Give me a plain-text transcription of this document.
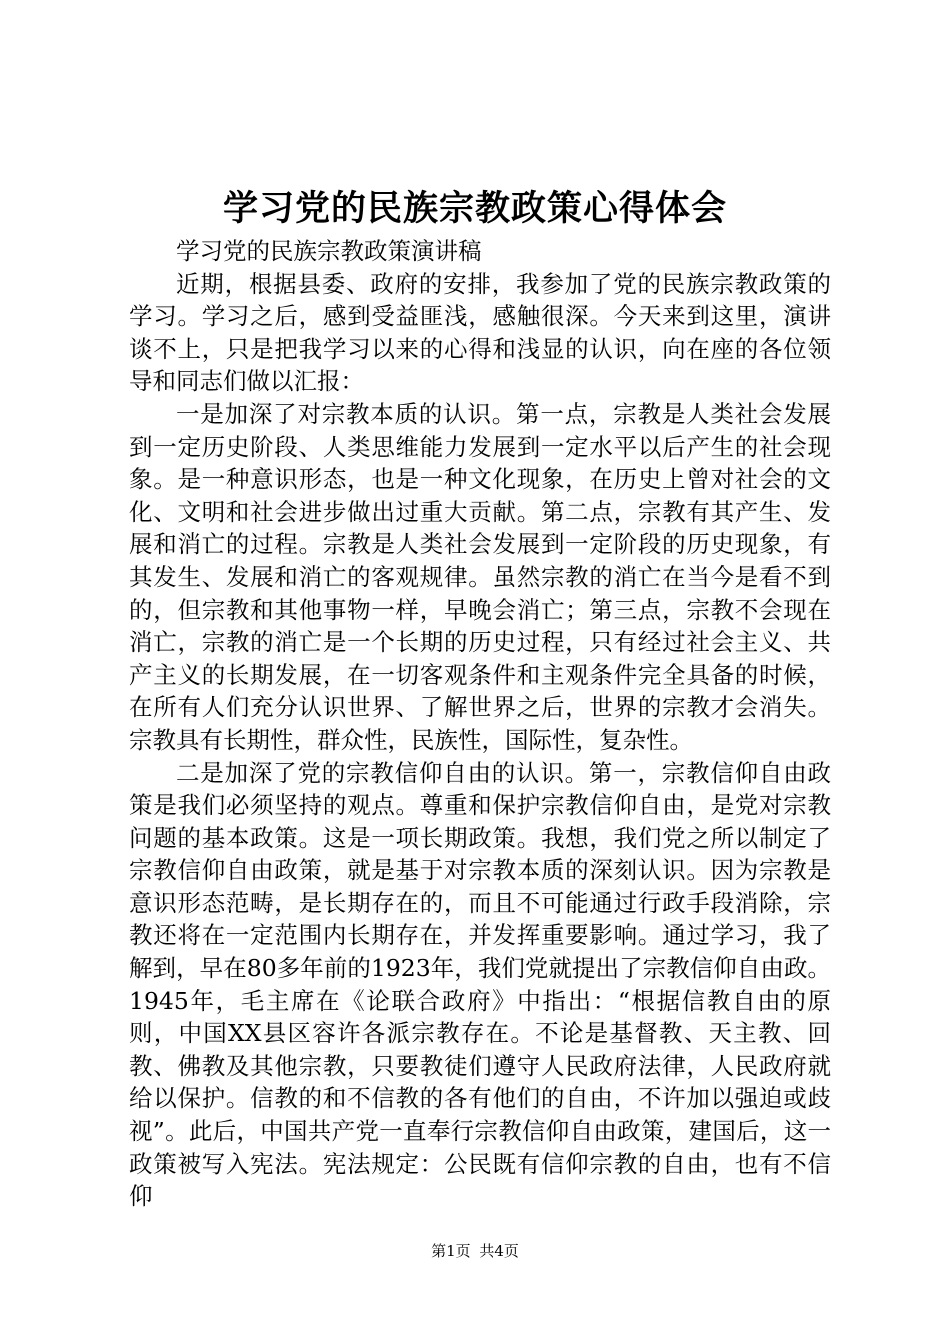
学习党的民族宗教政策心得体会

学习党的民族宗教政策演讲稿

近期，根据县委、政府的安排，我参加了党的民族宗教政策的学习。学习之后，感到受益匪浅，感触很深。今天来到这里，演讲谈不上，只是把我学习以来的心得和浅显的认识，向在座的各位领导和同志们做以汇报：

一是加深了对宗教本质的认识。第一点，宗教是人类社会发展到一定历史阶段、人类思维能力发展到一定水平以后产生的社会现象。是一种意识形态，也是一种文化现象，在历史上曾对社会的文化、文明和社会进步做出过重大贡献。第二点，宗教有其产生、发展和消亡的过程。宗教是人类社会发展到一定阶段的历史现象，有其发生、发展和消亡的客观规律。虽然宗教的消亡在当今是看不到的，但宗教和其他事物一样，早晚会消亡；第三点，宗教不会现在消亡，宗教的消亡是一个长期的历史过程，只有经过社会主义、共产主义的长期发展，在一切客观条件和主观条件完全具备的时候，在所有人们充分认识世界、了解世界之后，世界的宗教才会消失。宗教具有长期性，群众性，民族性，国际性，复杂性。

二是加深了党的宗教信仰自由的认识。第一，宗教信仰自由政策是我们必须坚持的观点。尊重和保护宗教信仰自由，是党对宗教问题的基本政策。这是一项长期政策。我想，我们党之所以制定了宗教信仰自由政策，就是基于对宗教本质的深刻认识。因为宗教是意识形态范畴，是长期存在的，而且不可能通过行政手段消除，宗教还将在一定范围内长期存在，并发挥重要影响。通过学习，我了解到，早在80多年前的1923年，我们党就提出了宗教信仰自由政。1945年，毛主席在《论联合政府》中指出：“根据信教自由的原则，中国XX县区容许各派宗教存在。不论是基督教、天主教、回教、佛教及其他宗教，只要教徒们遵守人民政府法律，人民政府就给以保护。信教的和不信教的各有他们的自由，不许加以强迫或歧视”。此后，中国共产党一直奉行宗教信仰自由政策，建国后，这一政策被写入宪法。宪法规定：公民既有信仰宗教的自由，也有不信仰

第1页 共4页
